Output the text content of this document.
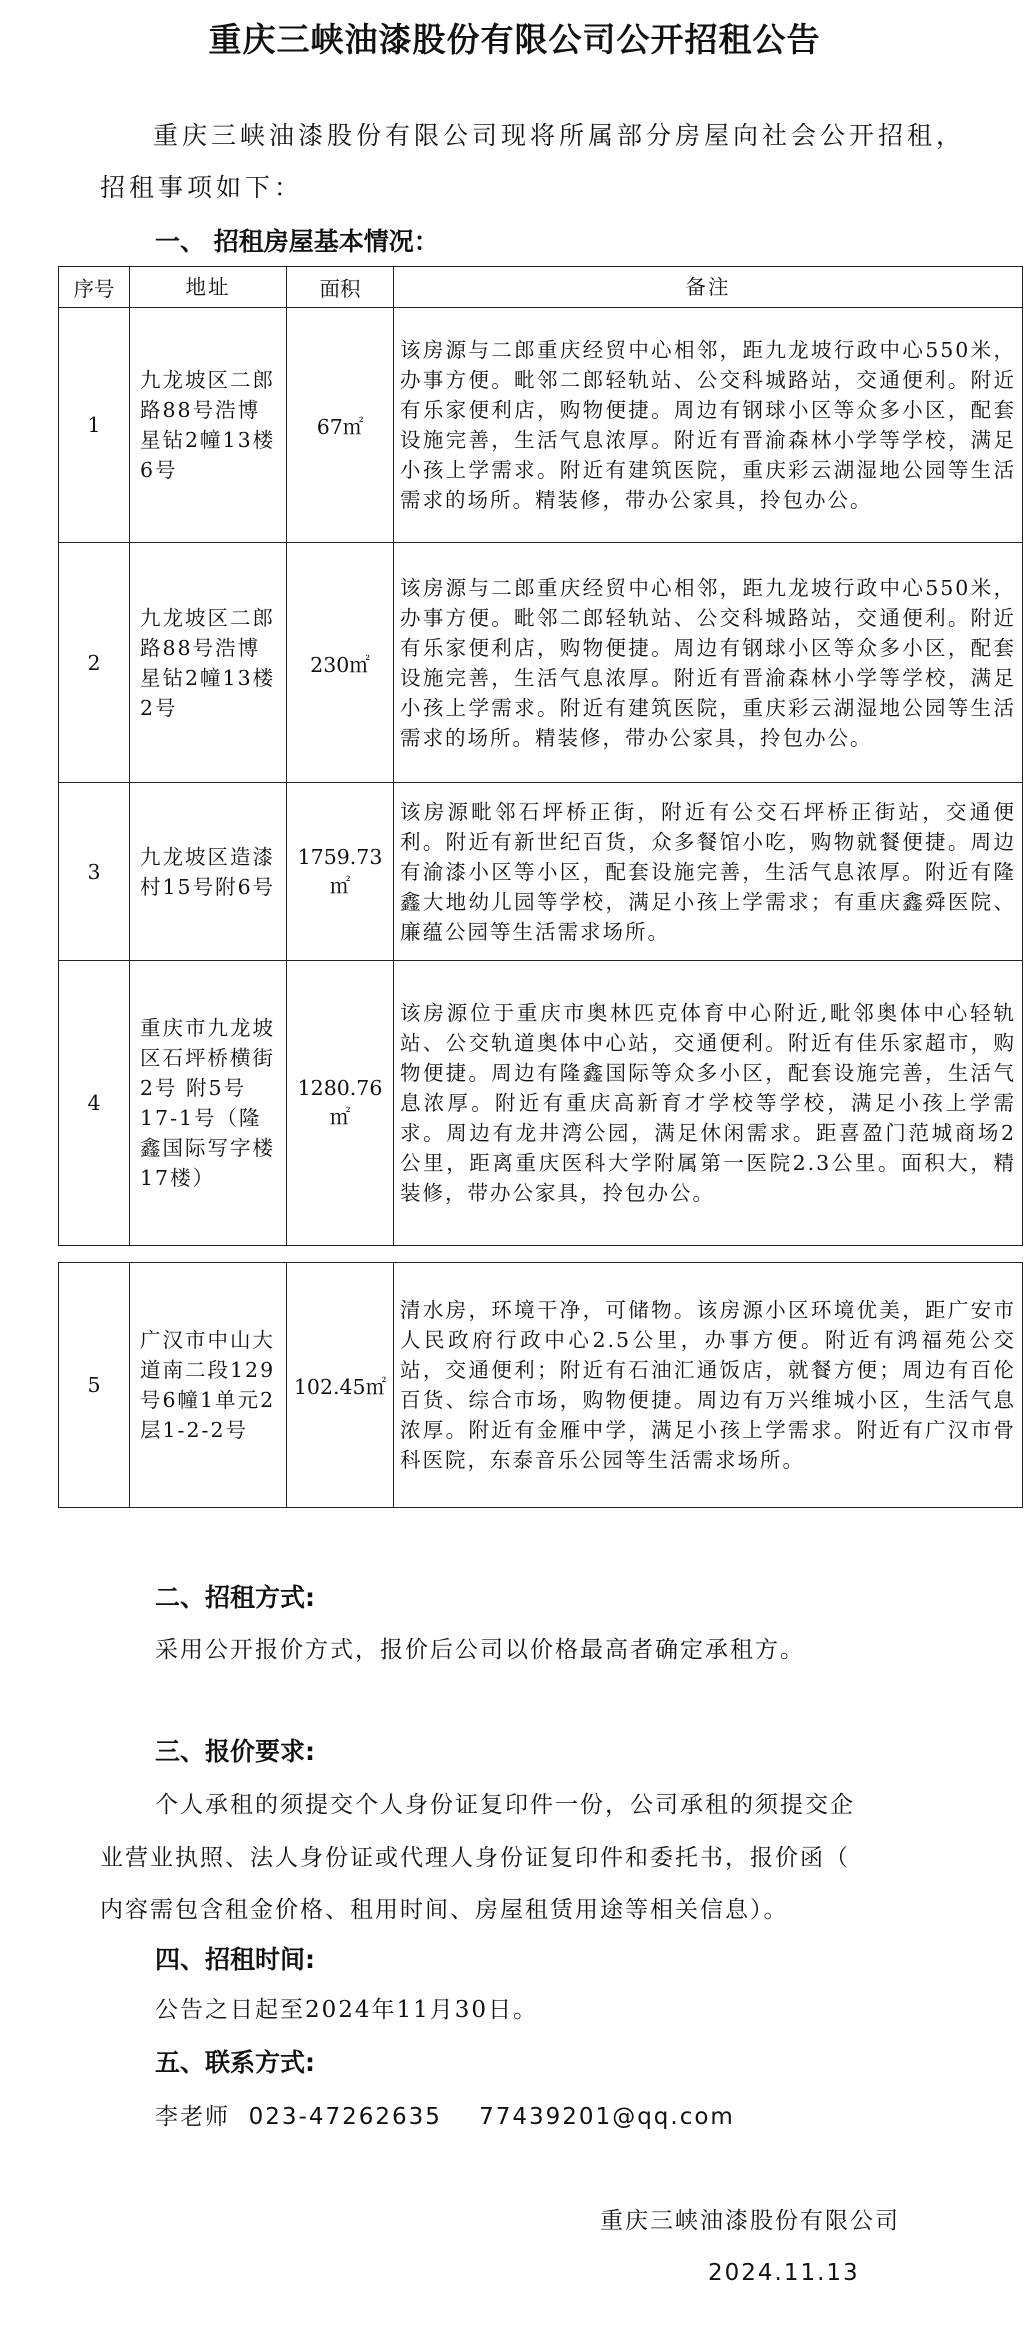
重庆三峡油漆股份有限公司公开招租公告
重庆三峡油漆股份有限公司现将所属部分房屋向社会公开招租，
招租事项如下：
一、 招租房屋基本情况：
序号	地址	面积	备注
1	九龙坡区二郎路88号浩博星钻2幢13楼6号	67㎡	该房源与二郎重庆经贸中心相邻，距九龙坡行政中心550米，办事方便。毗邻二郎轻轨站、公交科城路站，交通便利。附近有乐家便利店，购物便捷。周边有钢球小区等众多小区，配套设施完善，生活气息浓厚。附近有晋渝森林小学等学校，满足小孩上学需求。附近有建筑医院，重庆彩云湖湿地公园等生活需求的场所。精装修，带办公家具，拎包办公。
2	九龙坡区二郎路88号浩博星钻2幢13楼2号	230㎡	该房源与二郎重庆经贸中心相邻，距九龙坡行政中心550米，办事方便。毗邻二郎轻轨站、公交科城路站，交通便利。附近有乐家便利店，购物便捷。周边有钢球小区等众多小区，配套设施完善，生活气息浓厚。附近有晋渝森林小学等学校，满足小孩上学需求。附近有建筑医院，重庆彩云湖湿地公园等生活需求的场所。精装修，带办公家具，拎包办公。
3	九龙坡区造漆村15号附6号	1759.73㎡	该房源毗邻石坪桥正街，附近有公交石坪桥正街站，交通便利。附近有新世纪百货，众多餐馆小吃，购物就餐便捷。周边有渝漆小区等小区，配套设施完善，生活气息浓厚。附近有隆鑫大地幼儿园等学校，满足小孩上学需求；有重庆鑫舜医院、廉蕴公园等生活需求场所。
4	重庆市九龙坡区石坪桥横街2号 附5号17-1号（隆鑫国际写字楼17楼）	1280.76㎡	该房源位于重庆市奥林匹克体育中心附近,毗邻奥体中心轻轨站、公交轨道奥体中心站，交通便利。附近有佳乐家超市，购物便捷。周边有隆鑫国际等众多小区，配套设施完善，生活气息浓厚。附近有重庆高新育才学校等学校，满足小孩上学需求。周边有龙井湾公园，满足休闲需求。距喜盈门范城商场2公里，距离重庆医科大学附属第一医院2.3公里。面积大，精装修，带办公家具，拎包办公。
5	广汉市中山大道南二段129号6幢1单元2层1-2-2号	102.45㎡	清水房，环境干净，可储物。该房源小区环境优美，距广安市人民政府行政中心2.5公里，办事方便。附近有鸿福苑公交站，交通便利；附近有石油汇通饭店，就餐方便；周边有百伦百货、综合市场，购物便捷。周边有万兴维城小区，生活气息浓厚。附近有金雁中学，满足小孩上学需求。附近有广汉市骨科医院，东泰音乐公园等生活需求场所。
二、招租方式:
采用公开报价方式，报价后公司以价格最高者确定承租方。
三、报价要求:
个人承租的须提交个人身份证复印件一份，公司承租的须提交企
业营业执照、法人身份证或代理人身份证复印件和委托书，报价函（
内容需包含租金价格、租用时间、房屋租赁用途等相关信息）。
四、招租时间:
公告之日起至2024年11月30日。
五、联系方式:
李老师  023-47262635    77439201@qq.com
重庆三峡油漆股份有限公司
2024.11.13
